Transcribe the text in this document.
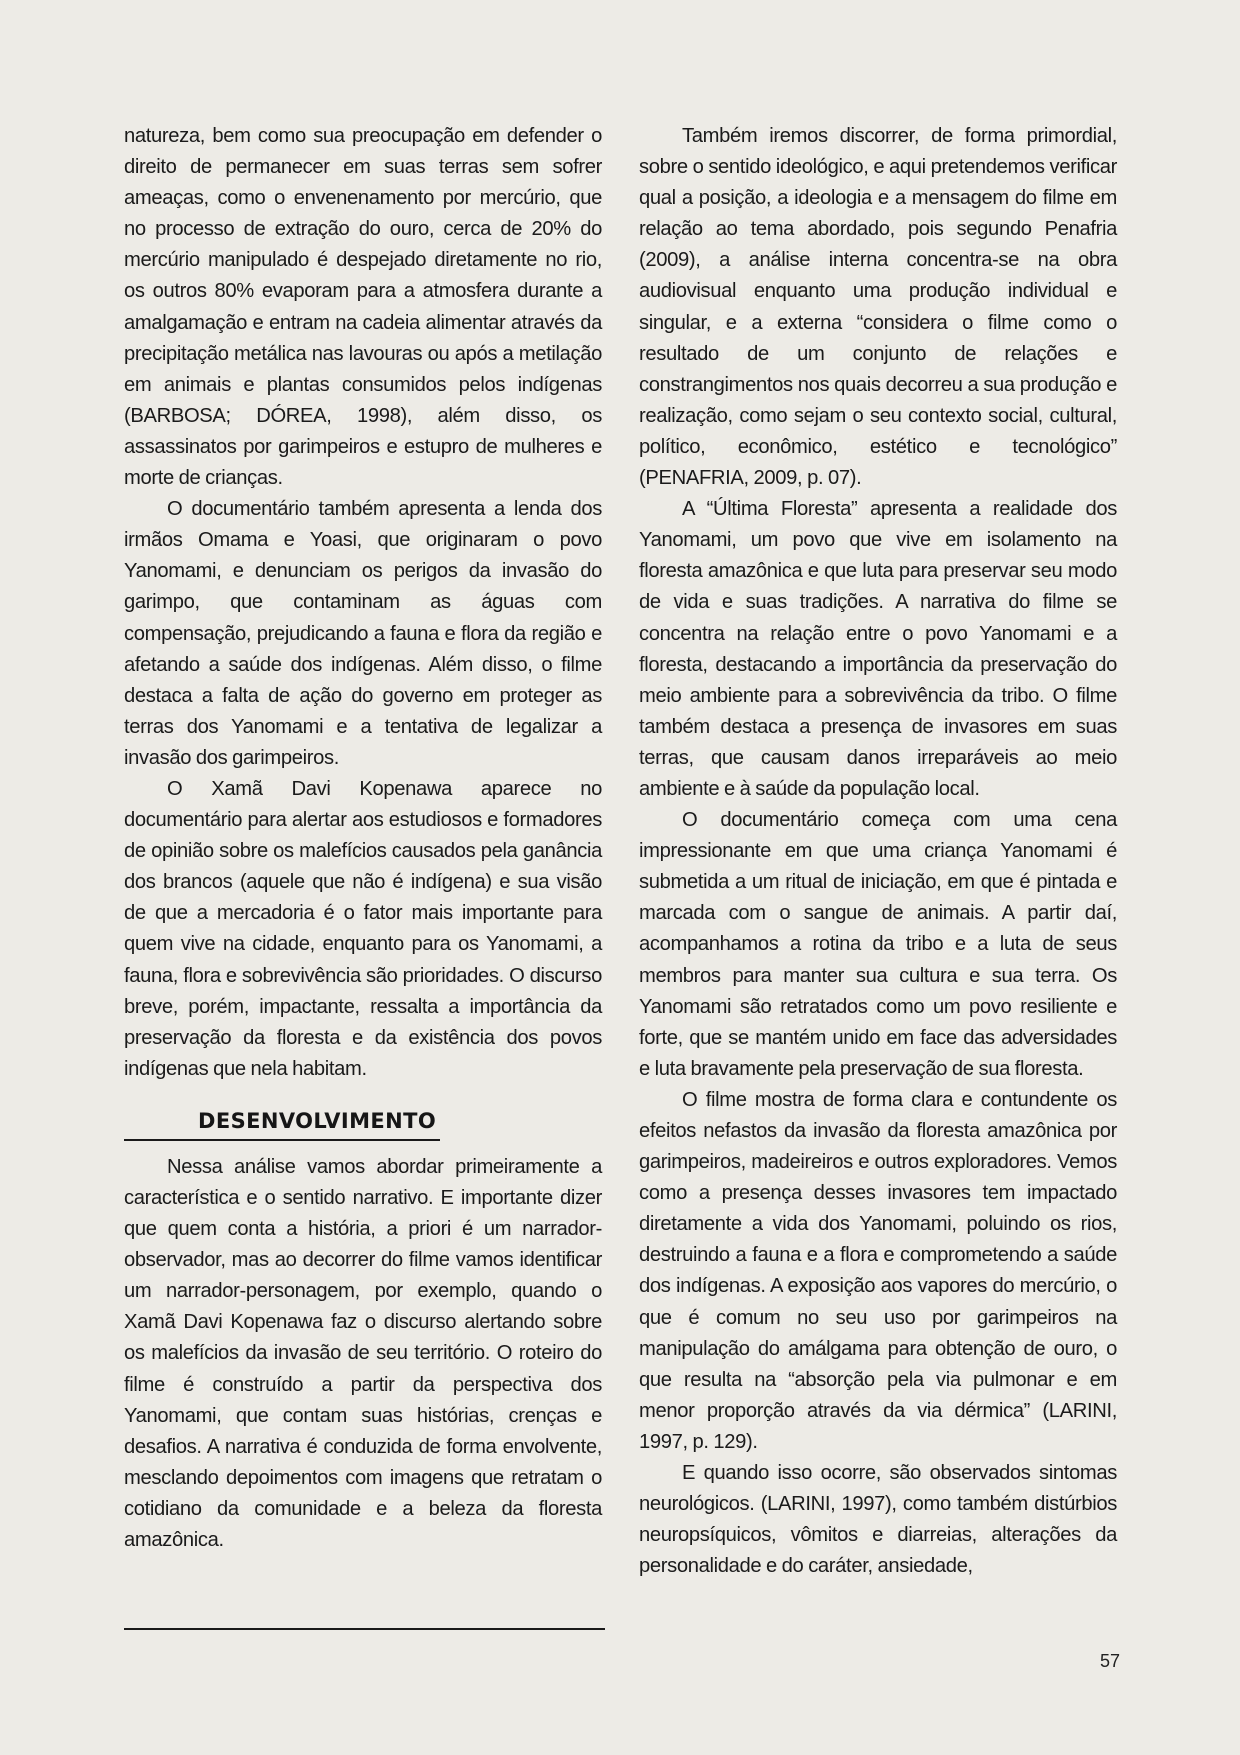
natureza, bem como sua preocupação em defender o direito de permanecer em suas terras sem sofrer ameaças, como o envenenamento por mercúrio, que no processo de extração do ouro, cerca de 20% do mercúrio manipulado é despejado diretamente no rio, os outros 80% evaporam para a atmosfera durante a amalgamação e entram na cadeia alimentar através da precipitação metálica nas lavouras ou após a metilação em animais e plantas consumidos pelos indígenas (BARBOSA; DÓREA, 1998), além disso, os assassinatos por garimpeiros e estupro de mulheres e morte de crianças.

O documentário também apresenta a lenda dos irmãos Omama e Yoasi, que originaram o povo Yanomami, e denunciam os perigos da invasão do garimpo, que contaminam as águas com compensação, prejudicando a fauna e flora da região e afetando a saúde dos indígenas. Além disso, o filme destaca a falta de ação do governo em proteger as terras dos Yanomami e a tentativa de legalizar a invasão dos garimpeiros.

O Xamã Davi Kopenawa aparece no documentário para alertar aos estudiosos e formadores de opinião sobre os malefícios causados pela ganância dos brancos (aquele que não é indígena) e sua visão de que a mercadoria é o fator mais importante para quem vive na cidade, enquanto para os Yanomami, a fauna, flora e sobrevivência são prioridades. O discurso breve, porém, impactante, ressalta a importância da preservação da floresta e da existência dos povos indígenas que nela habitam.

DESENVOLVIMENTO

Nessa análise vamos abordar primeiramente a característica e o sentido narrativo. E importante dizer que quem conta a história, a priori é um narrador-observador, mas ao decorrer do filme vamos identificar um narrador-personagem, por exemplo, quando o Xamã Davi Kopenawa faz o discurso alertando sobre os malefícios da invasão de seu território. O roteiro do filme é construído a partir da perspectiva dos Yanomami, que contam suas histórias, crenças e desafios. A narrativa é conduzida de forma envolvente, mesclando depoimentos com imagens que retratam o cotidiano da comunidade e a beleza da floresta amazônica.

Também iremos discorrer, de forma primordial, sobre o sentido ideológico, e aqui pretendemos verificar qual a posição, a ideologia e a mensagem do filme em relação ao tema abordado, pois segundo Penafria (2009), a análise interna concentra-se na obra audiovisual enquanto uma produção individual e singular, e a externa “considera o filme como o resultado de um conjunto de relações e constrangimentos nos quais decorreu a sua produção e realização, como sejam o seu contexto social, cultural, político, econômico, estético e tecnológico” (PENAFRIA, 2009, p. 07).

A “Última Floresta” apresenta a realidade dos Yanomami, um povo que vive em isolamento na floresta amazônica e que luta para preservar seu modo de vida e suas tradições. A narrativa do filme se concentra na relação entre o povo Yanomami e a floresta, destacando a importância da preservação do meio ambiente para a sobrevivência da tribo. O filme também destaca a presença de invasores em suas terras, que causam danos irreparáveis ao meio ambiente e à saúde da população local.

O documentário começa com uma cena impressionante em que uma criança Yanomami é submetida a um ritual de iniciação, em que é pintada e marcada com o sangue de animais. A partir daí, acompanhamos a rotina da tribo e a luta de seus membros para manter sua cultura e sua terra. Os Yanomami são retratados como um povo resiliente e forte, que se mantém unido em face das adversidades e luta bravamente pela preservação de sua floresta.

O filme mostra de forma clara e contundente os efeitos nefastos da invasão da floresta amazônica por garimpeiros, madeireiros e outros exploradores. Vemos como a presença desses invasores tem impactado diretamente a vida dos Yanomami, poluindo os rios, destruindo a fauna e a flora e comprometendo a saúde dos indígenas. A exposição aos vapores do mercúrio, o que é comum no seu uso por garimpeiros na manipulação do amálgama para obtenção de ouro, o que resulta na “absorção pela via pulmonar e em menor proporção através da via dérmica” (LARINI, 1997, p. 129).

E quando isso ocorre, são observados sintomas neurológicos. (LARINI, 1997), como também distúrbios neuropsíquicos, vômitos e diarreias, alterações da personalidade e do caráter, ansiedade,

57
